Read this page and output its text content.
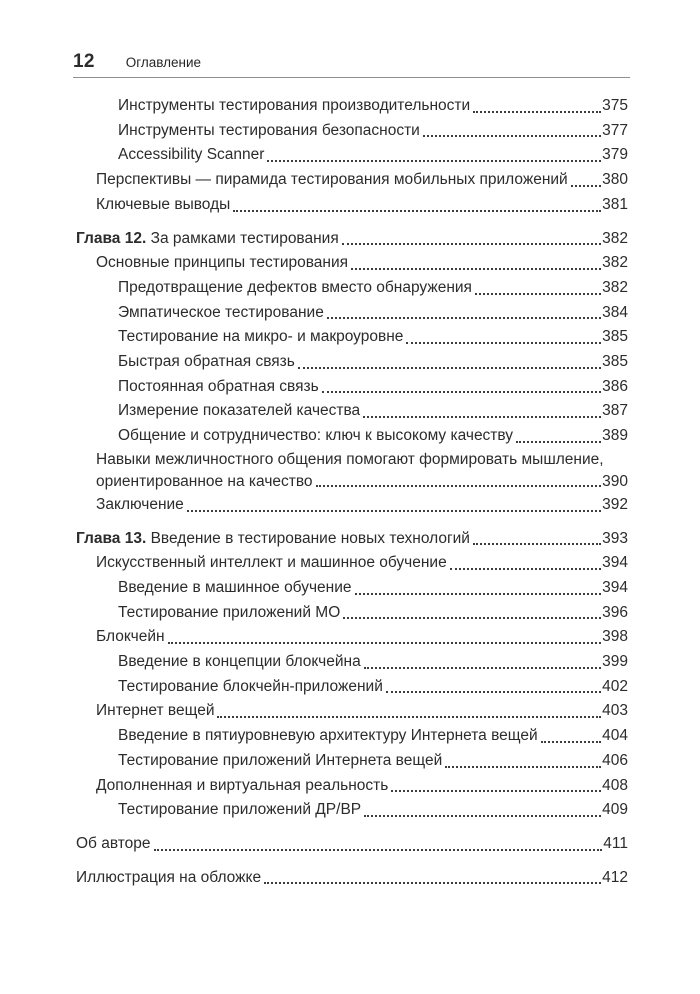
12 Оглавление
Инструменты тестирования производительности	375
Инструменты тестирования безопасности	377
Accessibility Scanner	379
Перспективы — пирамида тестирования мобильных приложений 380
Ключевые выводы	381
Глава 12. За рамками тестирования	382
Основные принципы тестирования	382
Предотвращение дефектов вместо обнаружения	382
Эмпатическое тестирование	384
Тестирование на микро- и макроуровне	385
Быстрая обратная связь	385
Постоянная обратная связь	386
Измерение показателей качества	387
Общение и сотрудничество: ключ к высокому качеству	389
Навыки межличностного общения помогают формировать мышление,
ориентированное на качество	390
Заключение	392
Глава 13. Введение в тестирование новых технологий	393
Искусственный интеллект и машинное обучение	394
Введение в машинное обучение	394
Тестирование приложений МО	396
Блокчейн	398
Введение в концепции блокчейна	399
Тестирование блокчейн-приложений	402
Интернет вещей	403
Введение в пятиуровневую архитектуру Интернета вещей	404
Тестирование приложений Интернета вещей	406
Дополненная и виртуальная реальность	408
Тестирование приложений ДР/ВР	409
Об авторе	411
Иллюстрация на обложке	412
